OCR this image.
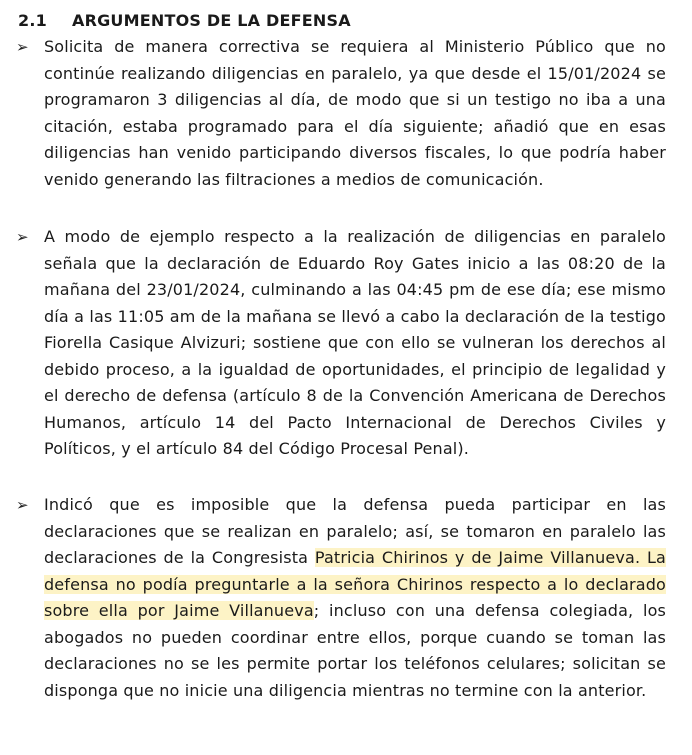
2.1	ARGUMENTOS DE LA DEFENSA
➢ Solicita de manera correctiva se requiera al Ministerio Público que no continúe realizando diligencias en paralelo, ya que desde el 15/01/2024 se programaron 3 diligencias al día, de modo que si un testigo no iba a una citación, estaba programado para el día siguiente; añadió que en esas diligencias han venido participando diversos fiscales, lo que podría haber venido generando las filtraciones a medios de comunicación.

➢ A modo de ejemplo respecto a la realización de diligencias en paralelo señala que la declaración de Eduardo Roy Gates inicio a las 08:20 de la mañana del 23/01/2024, culminando a las 04:45 pm de ese día; ese mismo día a las 11:05 am de la mañana se llevó a cabo la declaración de la testigo Fiorella Casique Alvizuri; sostiene que con ello se vulneran los derechos al debido proceso, a la igualdad de oportunidades, el principio de legalidad y el derecho de defensa (artículo 8 de la Convención Americana de Derechos Humanos, artículo 14 del Pacto Internacional de Derechos Civiles y Políticos, y el artículo 84 del Código Procesal Penal).

➢ Indicó que es imposible que la defensa pueda participar en las declaraciones que se realizan en paralelo; así, se tomaron en paralelo las declaraciones de la Congresista Patricia Chirinos y de Jaime Villanueva. La defensa no podía preguntarle a la señora Chirinos respecto a lo declarado sobre ella por Jaime Villanueva; incluso con una defensa colegiada, los abogados no pueden coordinar entre ellos, porque cuando se toman las declaraciones no se les permite portar los teléfonos celulares; solicitan se disponga que no inicie una diligencia mientras no termine con la anterior.
